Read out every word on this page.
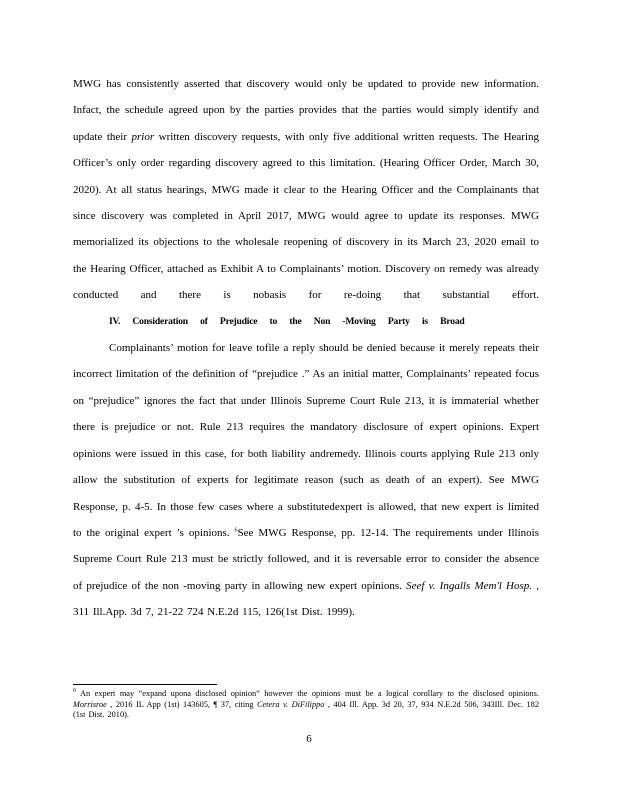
MWG has consistently asserted that discovery would only be updated to provide new information. Infact, the schedule agreed upon by the parties provides that the parties would simply identify and update their prior written discovery requests, with only five additional written requests. The Hearing Officer’s only order regarding discovery agreed to this limitation. (Hearing Officer Order, March 30, 2020). At all status hearings, MWG made it clear to the Hearing Officer and the Complainants that since discovery was completed in April 2017, MWG would agree to update its responses. MWG memorialized its objections to the wholesale reopening of discovery in its March 23, 2020 email to the Hearing Officer, attached as Exhibit A to Complainants’ motion. Discovery on remedy was already conducted and there is nobasis for re-doing that substantial effort.

IV. Consideration of Prejudice to the Non -Moving Party is Broad

Complainants’ motion for leave tofile a reply should be denied because it merely repeats their incorrect limitation of the definition of “prejudice .” As an initial matter, Complainants’ repeated focus on “prejudice” ignores the fact that under Illinois Supreme Court Rule 213, it is immaterial whether there is prejudice or not. Rule 213 requires the mandatory disclosure of expert opinions. Expert opinions were issued in this case, for both liability andremedy. Illinois courts applying Rule 213 only allow the substitution of experts for legitimate reason (such as death of an expert). See MWG Response, p. 4-5. In those few cases where a substitutedexpert is allowed, that new expert is limited to the original expert ’s opinions. $^6$See MWG Response, pp. 12-14. The requirements under Illinois Supreme Court Rule 213 must be strictly followed, and it is reversable error to consider the absence of prejudice of the non -moving party in allowing new expert opinions. Seef v. Ingalls Mem'l Hosp. , 311 Ill.App. 3d 7, 21-22 724 N.E.2d 115, 126(1st Dist. 1999).

$^6$ An expert may “expand upona disclosed opinion” however the opinions must be a logical corollary to the disclosed opinions. Morrisroe , 2016 IL App (1st) 143605, ¶ 37, citing Cetera v. DiFilippo , 404 Ill. App. 3d 20, 37, 934 N.E.2d 506, 343Ill. Dec. 182 (1st Dist. 2010).

6
